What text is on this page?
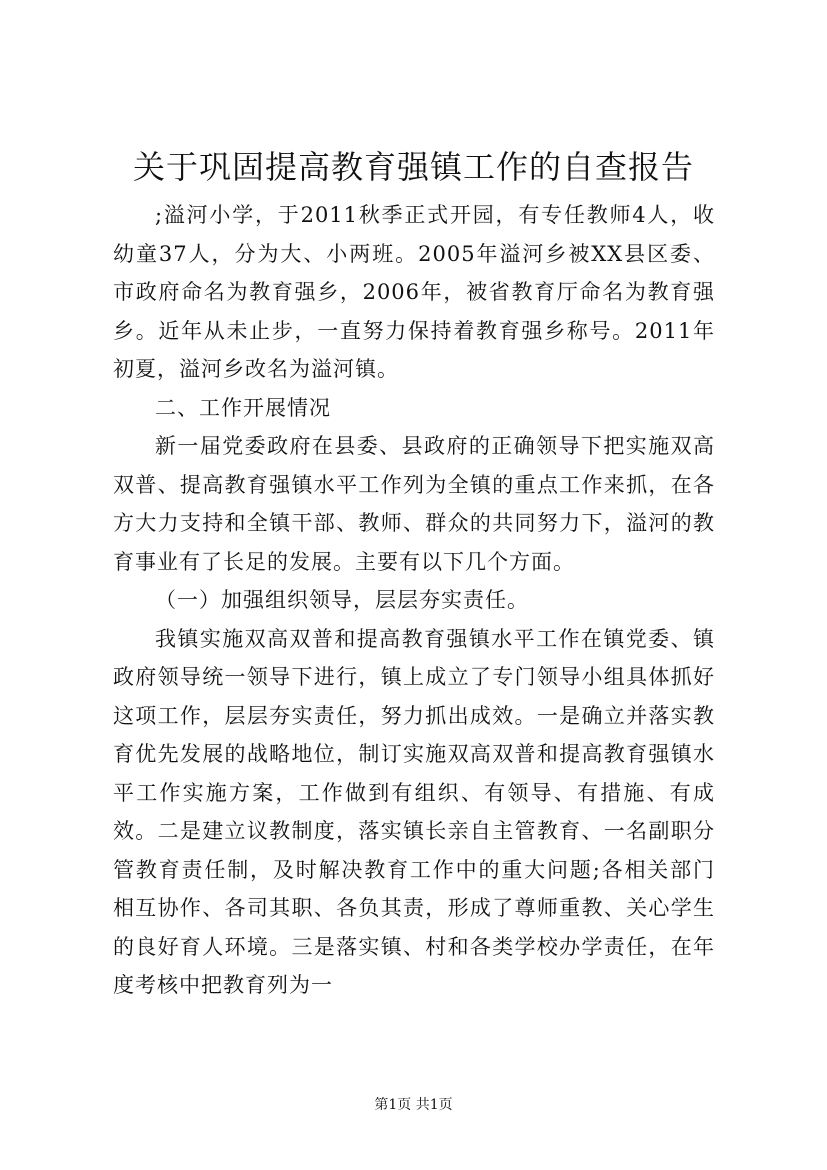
关于巩固提高教育强镇工作的自查报告

;溢河小学，于2011秋季正式开园，有专任教师4人，收幼童37人，分为大、小两班。2005年溢河乡被XX县区委、市政府命名为教育强乡，2006年，被省教育厅命名为教育强乡。近年从未止步，一直努力保持着教育强乡称号。2011年初夏，溢河乡改名为溢河镇。

二、工作开展情况

新一届党委政府在县委、县政府的正确领导下把实施双高双普、提高教育强镇水平工作列为全镇的重点工作来抓，在各方大力支持和全镇干部、教师、群众的共同努力下，溢河的教育事业有了长足的发展。主要有以下几个方面。

（一）加强组织领导，层层夯实责任。

我镇实施双高双普和提高教育强镇水平工作在镇党委、镇政府领导统一领导下进行，镇上成立了专门领导小组具体抓好这项工作，层层夯实责任，努力抓出成效。一是确立并落实教育优先发展的战略地位，制订实施双高双普和提高教育强镇水平工作实施方案，工作做到有组织、有领导、有措施、有成效。二是建立议教制度，落实镇长亲自主管教育、一名副职分管教育责任制，及时解决教育工作中的重大问题;各相关部门相互协作、各司其职、各负其责，形成了尊师重教、关心学生的良好育人环境。三是落实镇、村和各类学校办学责任，在年度考核中把教育列为一

第1页 共1页
